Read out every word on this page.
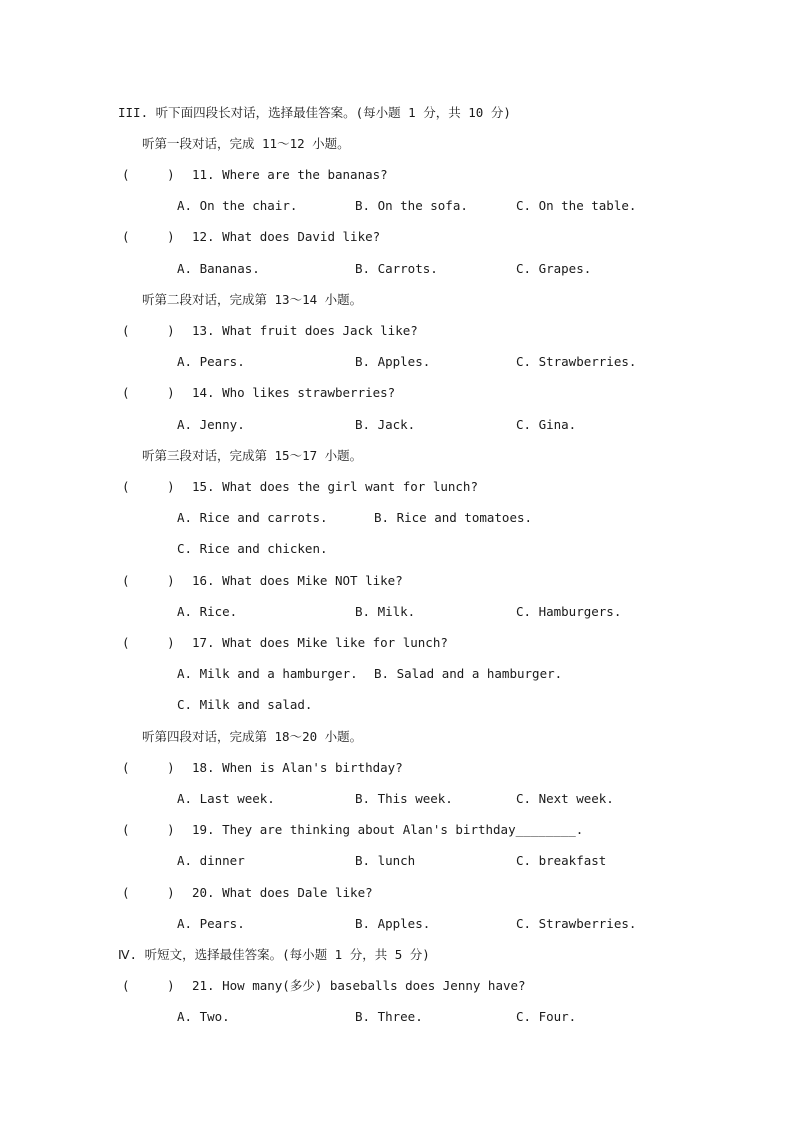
III. 听下面四段长对话，选择最佳答案。(每小题 1 分，共 10 分)
听第一段对话，完成 11～12 小题。
(     ) 11. Where are the bananas?
A. On the chair.	B. On the sofa.	C. On the table.
(     ) 12. What does David like?
A. Bananas.	B. Carrots.	C. Grapes.
听第二段对话，完成第 13～14 小题。
(     ) 13. What fruit does Jack like?
A. Pears.	B. Apples.	C. Strawberries.
(     ) 14. Who likes strawberries?
A. Jenny.	B. Jack.	C. Gina.
听第三段对话，完成第 15～17 小题。
(     ) 15. What does the girl want for lunch?
A. Rice and carrots.	B. Rice and tomatoes.
C. Rice and chicken.
(     ) 16. What does Mike NOT like?
A. Rice.	B. Milk.	C. Hamburgers.
(     ) 17. What does Mike like for lunch?
A. Milk and a hamburger. B. Salad and a hamburger.
C. Milk and salad.
听第四段对话，完成第 18～20 小题。
(     ) 18. When is Alan's birthday?
A. Last week.	B. This week.	C. Next week.
(     ) 19. They are thinking about Alan's birthday________.
A. dinner	B. lunch	C. breakfast
(     ) 20. What does Dale like?
A. Pears.	B. Apples.	C. Strawberries.
Ⅳ. 听短文，选择最佳答案。(每小题 1 分，共 5 分)
(     ) 21. How many(多少) baseballs does Jenny have?
A. Two.	B. Three.	C. Four.
